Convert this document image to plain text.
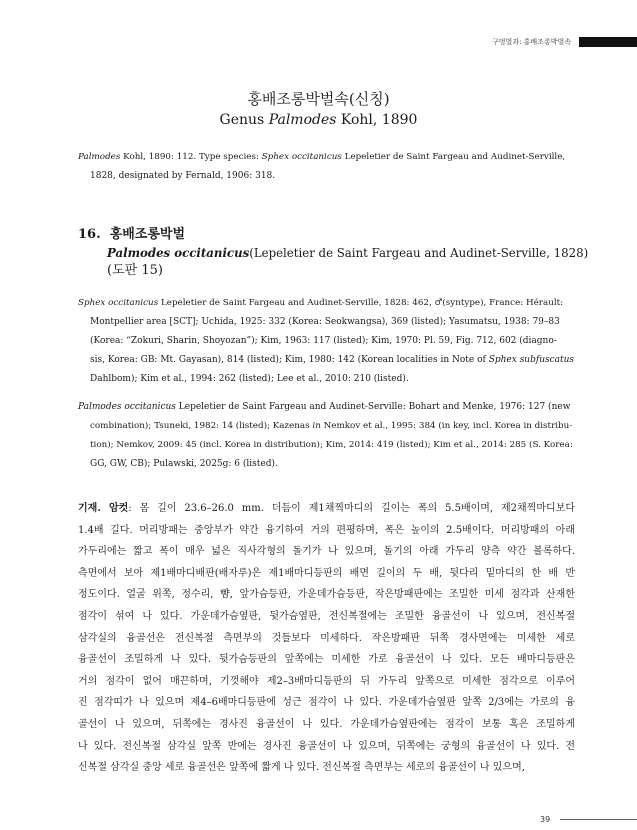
구멍벌과: 홍배조롱박벌속
홍배조롱박벌속(신칭)
Genus Palmodes Kohl, 1890
Palmodes Kohl, 1890: 112. Type species: Sphex occitanicus Lepeletier de Saint Fargeau and Audinet-Serville,
1828, designated by Fernald, 1906: 318.
16. 홍배조롱박벌
Palmodes occitanicus(Lepeletier de Saint Fargeau and Audinet-Serville, 1828)
(도판 15)
Sphex occitanicus Lepeletier de Saint Fargeau and Audinet-Serville, 1828: 462, ♂(syntype), France: Hérault:
Montpellier area [SCT]; Uchida, 1925: 332 (Korea: Seokwangsa), 369 (listed); Yasumatsu, 1938: 79–83
(Korea: “Zokuri, Sharin, Shoyozan”); Kim, 1963: 117 (listed); Kim, 1970: Pl. 59, Fig. 712, 602 (diagno-
sis, Korea: GB: Mt. Gayasan), 814 (listed); Kim, 1980: 142 (Korean localities in Note of Sphex subfuscatus
Dahlbom); Kim et al., 1994: 262 (listed); Lee et al., 2010: 210 (listed).
Palmodes occitanicus Lepeletier de Saint Fargeau and Audinet-Serville: Bohart and Menke, 1976: 127 (new
combination); Tsuneki, 1982: 14 (listed); Kazenas in Nemkov et al., 1995: 384 (in key, incl. Korea in distribu-
tion); Nemkov, 2009: 45 (incl. Korea in distribution); Kim, 2014: 419 (listed); Kim et al., 2014: 285 (S. Korea:
GG, GW, CB); Pulawski, 2025g: 6 (listed).
기재. 암컷: 몸 길이 23.6–26.0 mm. 더듬이 제1채찍마디의 길이는 폭의 5.5배이며, 제2채찍마디보다
1.4배 길다. 머리방패는 중앙부가 약간 융기하여 거의 편평하며, 폭은 높이의 2.5배이다. 머리방패의 아래
가두리에는 짧고 폭이 매우 넓은 직사각형의 돌기가 나 있으며, 돌기의 아래 가두리 양측 약간 볼록하다.
측면에서 보아 제1배마디배판(배자루)은 제1배마디등판의 배면 길이의 두 배, 뒷다리 밑마디의 한 배 반
정도이다. 얼굴 위쪽, 정수리, 뺨, 앞가슴등판, 가운데가슴등판, 작은방패판에는 조밀한 미세 점각과 산재한
점각이 섞여 나 있다. 가운데가슴옆판, 뒷가슴옆판, 전신복절에는 조밀한 융골선이 나 있으며, 전신복절
삼각실의 융골선은 전신복절 측면부의 것들보다 미세하다. 작은방패판 뒤쪽 경사면에는 미세한 세로
융골선이 조밀하게 나 있다. 뒷가슴등판의 앞쪽에는 미세한 가로 융골선이 나 있다. 모든 배마디등판은
거의 점각이 없어 매끈하며, 기껏해야 제2–3배마디등판의 뒤 가두리 앞쪽으로 미세한 점각으로 이루어
진 점각띠가 나 있으며 제4–6배마디등판에 성근 점각이 나 있다. 가운데가슴옆판 앞쪽 2/3에는 가로의 융
골선이 나 있으며, 뒤쪽에는 경사진 융골선이 나 있다. 가운데가슴옆판에는 점각이 보통 혹은 조밀하게
나 있다. 전신복절 삼각실 앞쪽 반에는 경사진 융골선이 나 있으며, 뒤쪽에는 궁형의 융골선이 나 있다. 전
신복절 삼각실 중앙 세로 융골선은 앞쪽에 짧게 나 있다. 전신복절 측면부는 세로의 융골선이 나 있으며,
39
